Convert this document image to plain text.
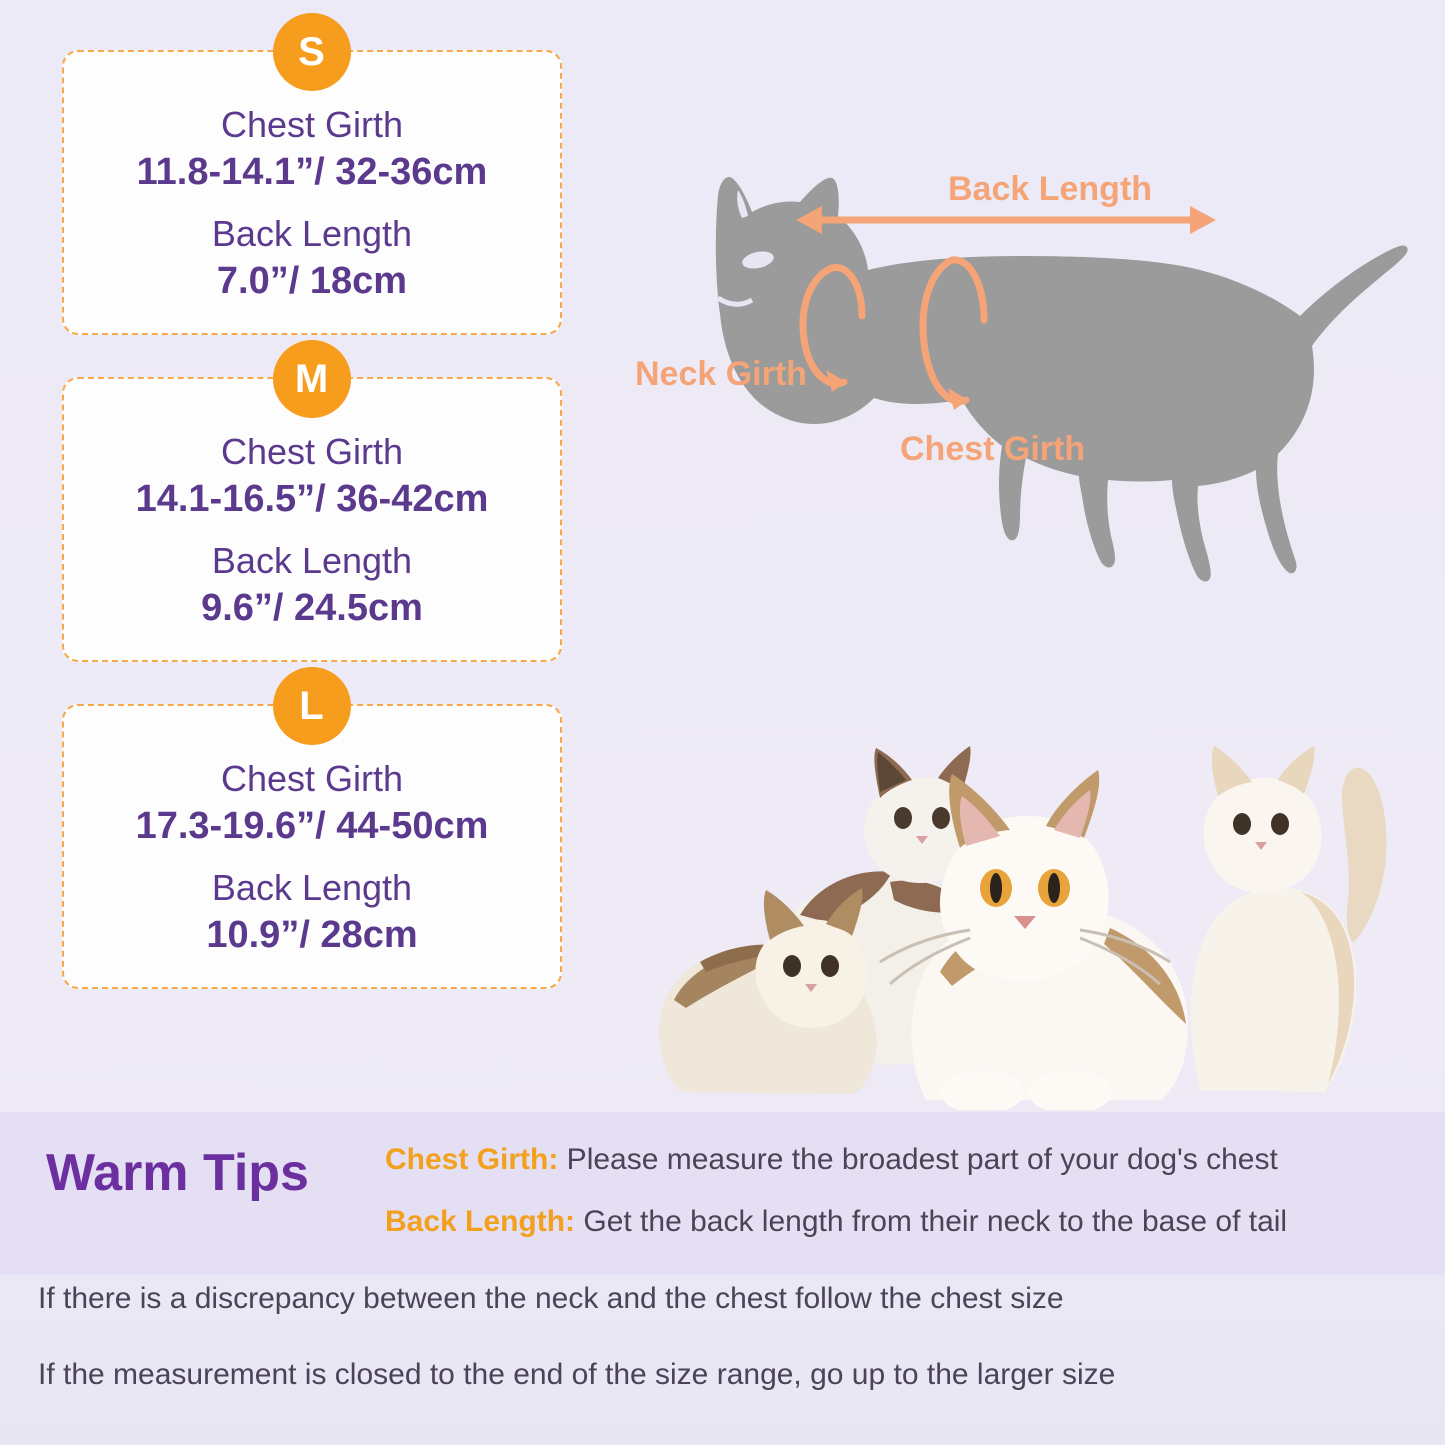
S
Chest Girth
11.8-14.1”/ 32-36cm
Back Length
7.0”/ 18cm
M
Chest Girth
14.1-16.5”/ 36-42cm
Back Length
9.6”/ 24.5cm
L
Chest Girth
17.3-19.6”/ 44-50cm
Back Length
10.9”/ 28cm
Back Length
Neck Girth
Chest Girth
Warm Tips	Chest Girth: Please measure the broadest part of your dog's chest
Back Length: Get the back length from their neck to the base of tail
If there is a discrepancy between the neck and the chest follow the chest size
If the measurement is closed to the end of the size range, go up to the larger size
